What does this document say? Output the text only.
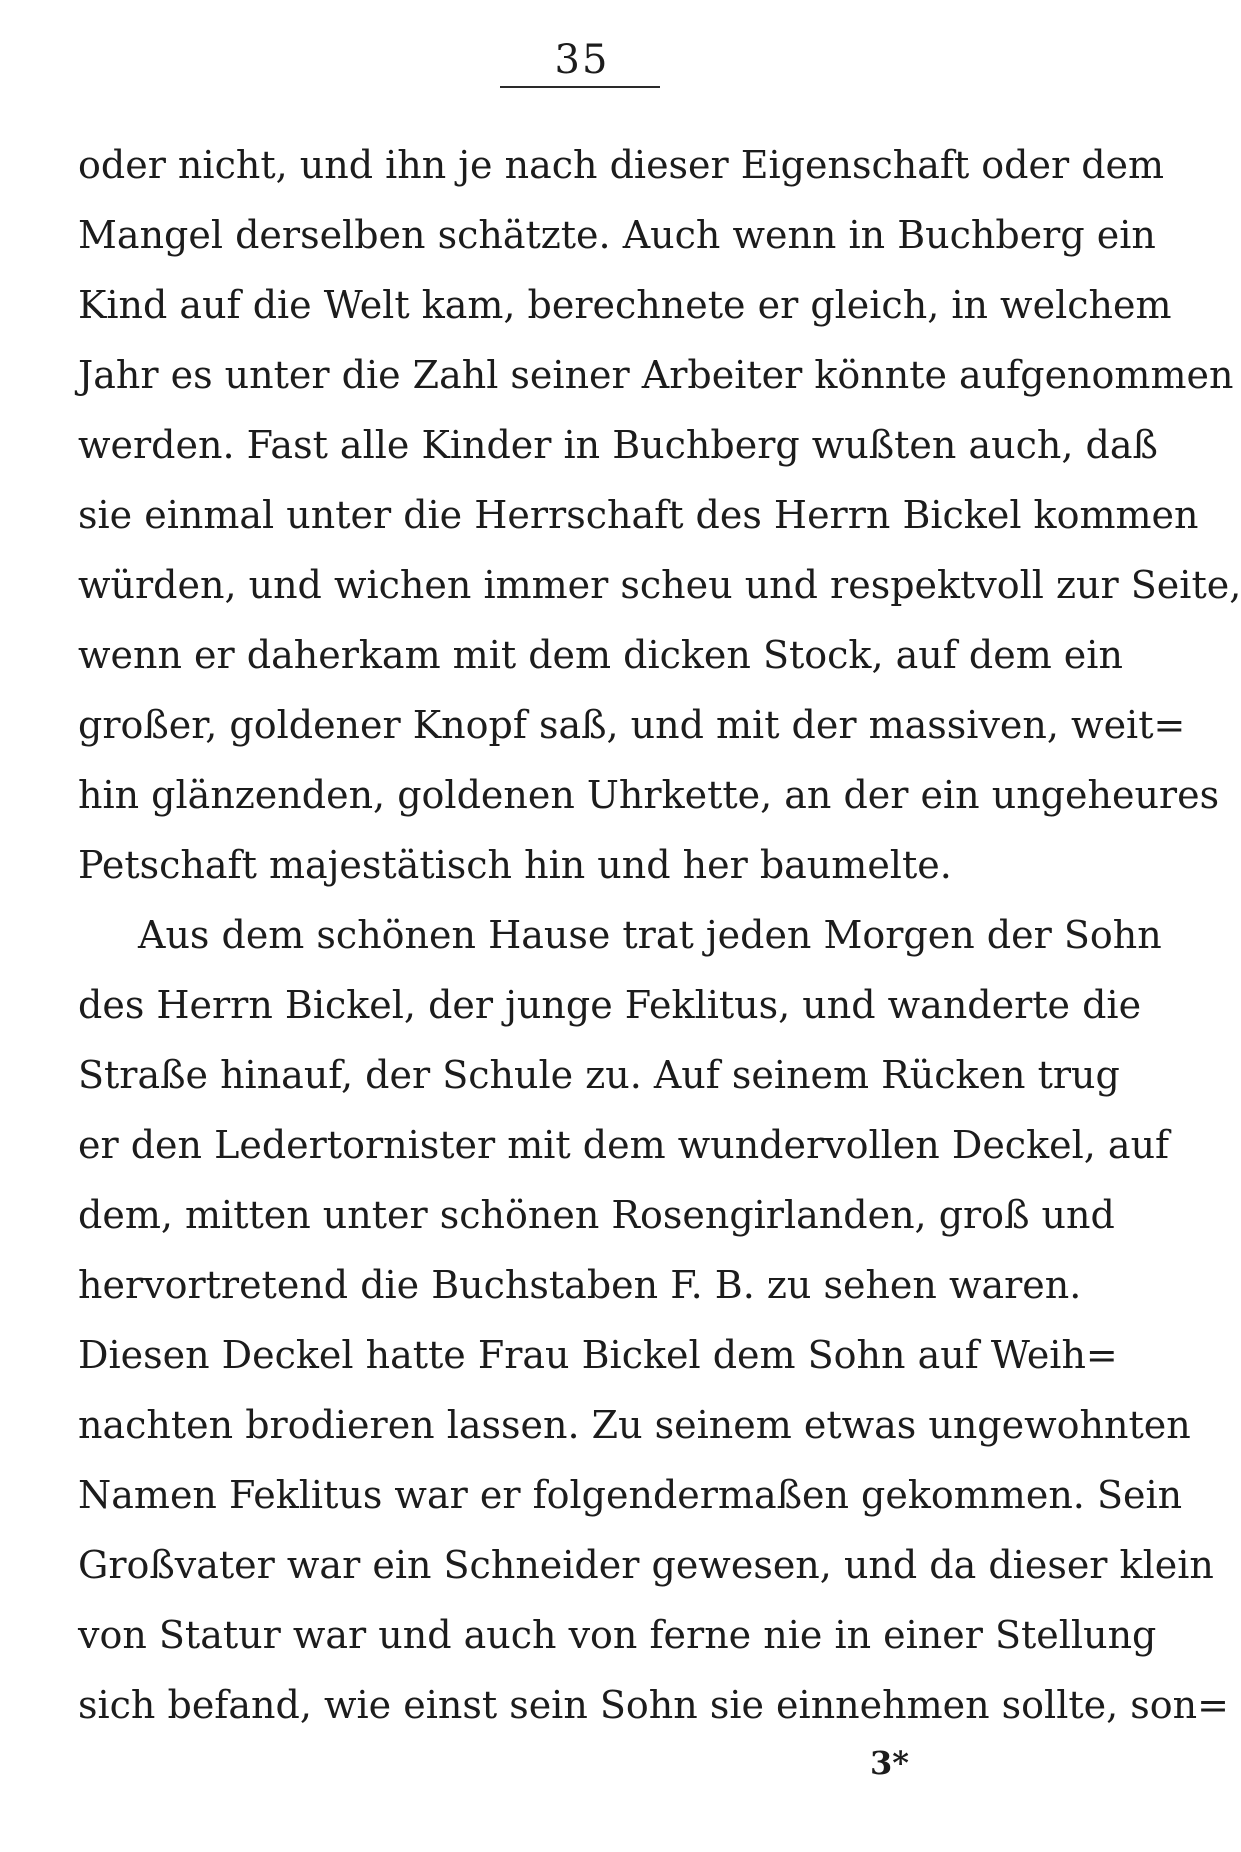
35
oder nicht, und ihn je nach dieser Eigenschaft oder dem
Mangel derselben schätzte. Auch wenn in Buchberg ein
Kind auf die Welt kam, berechnete er gleich, in welchem
Jahr es unter die Zahl seiner Arbeiter könnte aufgenommen
werden. Fast alle Kinder in Buchberg wußten auch, daß
sie einmal unter die Herrschaft des Herrn Bickel kommen
würden, und wichen immer scheu und respektvoll zur Seite,
wenn er daherkam mit dem dicken Stock, auf dem ein
großer, goldener Knopf saß, und mit der massiven, weit=
hin glänzenden, goldenen Uhrkette, an der ein ungeheures
Petschaft majestätisch hin und her baumelte.
Aus dem schönen Hause trat jeden Morgen der Sohn
des Herrn Bickel, der junge Feklitus, und wanderte die
Straße hinauf, der Schule zu. Auf seinem Rücken trug
er den Ledertornister mit dem wundervollen Deckel, auf
dem, mitten unter schönen Rosengirlanden, groß und
hervortretend die Buchstaben F. B. zu sehen waren.
Diesen Deckel hatte Frau Bickel dem Sohn auf Weih=
nachten brodieren lassen. Zu seinem etwas ungewohnten
Namen Feklitus war er folgendermaßen gekommen. Sein
Großvater war ein Schneider gewesen, und da dieser klein
von Statur war und auch von ferne nie in einer Stellung
sich befand, wie einst sein Sohn sie einnehmen sollte, son=
3*
